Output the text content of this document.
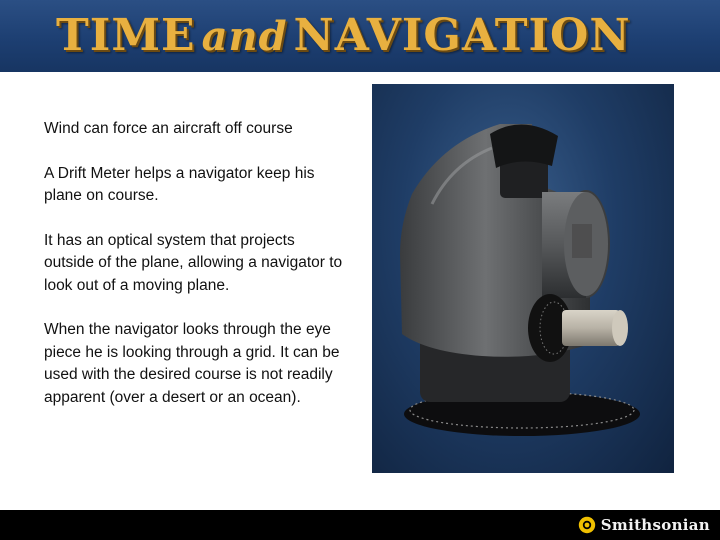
TIME and NAVIGATION

Wind can force an aircraft off course

A Drift Meter helps a navigator keep his plane on course.

It has an optical system that projects outside of the plane, allowing a navigator to look out of a moving plane.

When the navigator looks through the eye piece he is looking through a grid. It can be used with the desired course is not readily apparent (over a desert or an ocean).

Smithsonian
